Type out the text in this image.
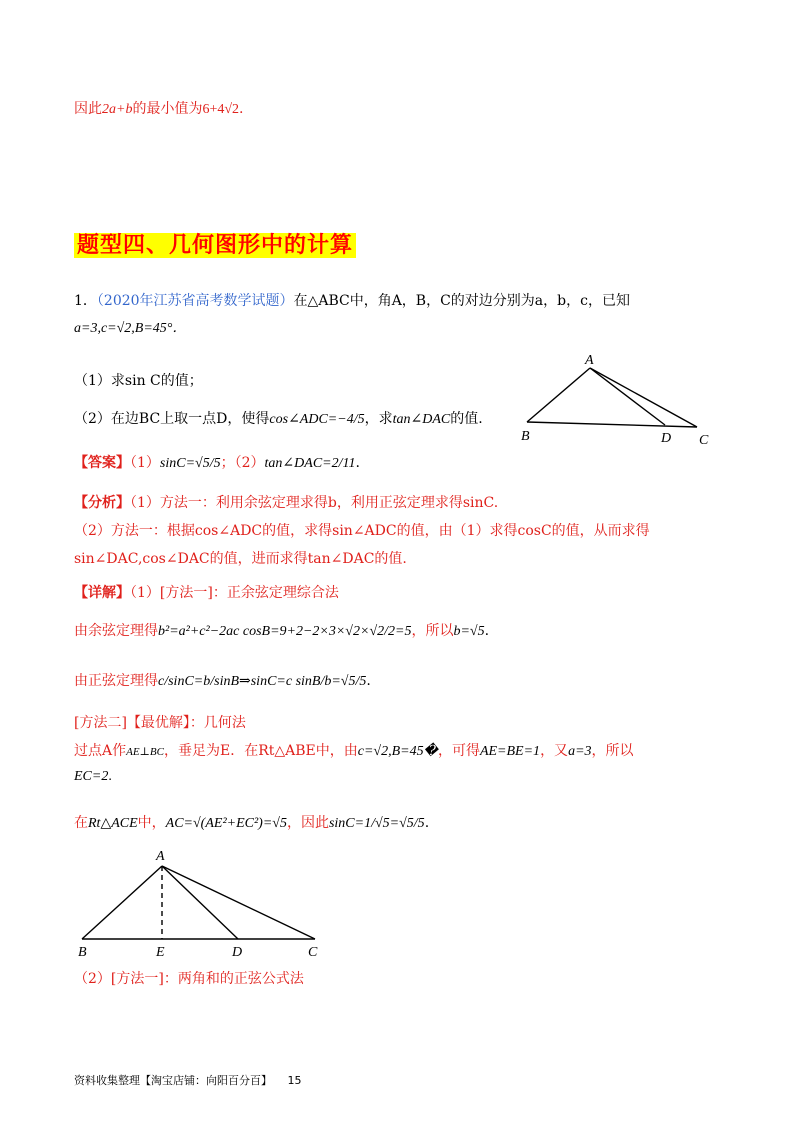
因此2a+b的最小值为6+4√2.
题型四、几何图形中的计算
1．（2020年江苏省高考数学试题）在△ABC中，角A，B，C的对边分别为a，b，c，已知
a=3,c=√2,B=45°．
（1）求sin C的值；
（2）在边BC上取一点D，使得cos∠ADC=−4/5，求tan∠DAC的值.
A
B	D C
【答案】（1）sinC=√5/5；（2）tan∠DAC=2/11.
【分析】（1）方法一：利用余弦定理求得b，利用正弦定理求得sinC.
（2）方法一：根据cos∠ADC的值，求得sin∠ADC的值，由（1）求得cosC的值，从而求得
sin∠DAC,cos∠DAC的值，进而求得tan∠DAC的值.
【详解】（1）[方法一]：正余弦定理综合法
由余弦定理得b²=a²+c²−2ac cosB=9+2−2×3×√2×√2/2=5，所以b=√5.
由正弦定理得c/sinC=b/sinB⇒sinC=c sinB/b=√5/5.
[方法二]【最优解】：几何法
过点A作AE⊥BC，垂足为E．在Rt△ABE中，由c=√2,B=45�，可得AE=BE=1，又a=3，所以
EC=2.
在Rt△ACE中，AC=√(AE²+EC²)=√5，因此sinC=1/√5=√5/5.
A
B	E	D	C
（2）[方法一]：两角和的正弦公式法
资料收集整理【淘宝店铺：向阳百分百】 15
